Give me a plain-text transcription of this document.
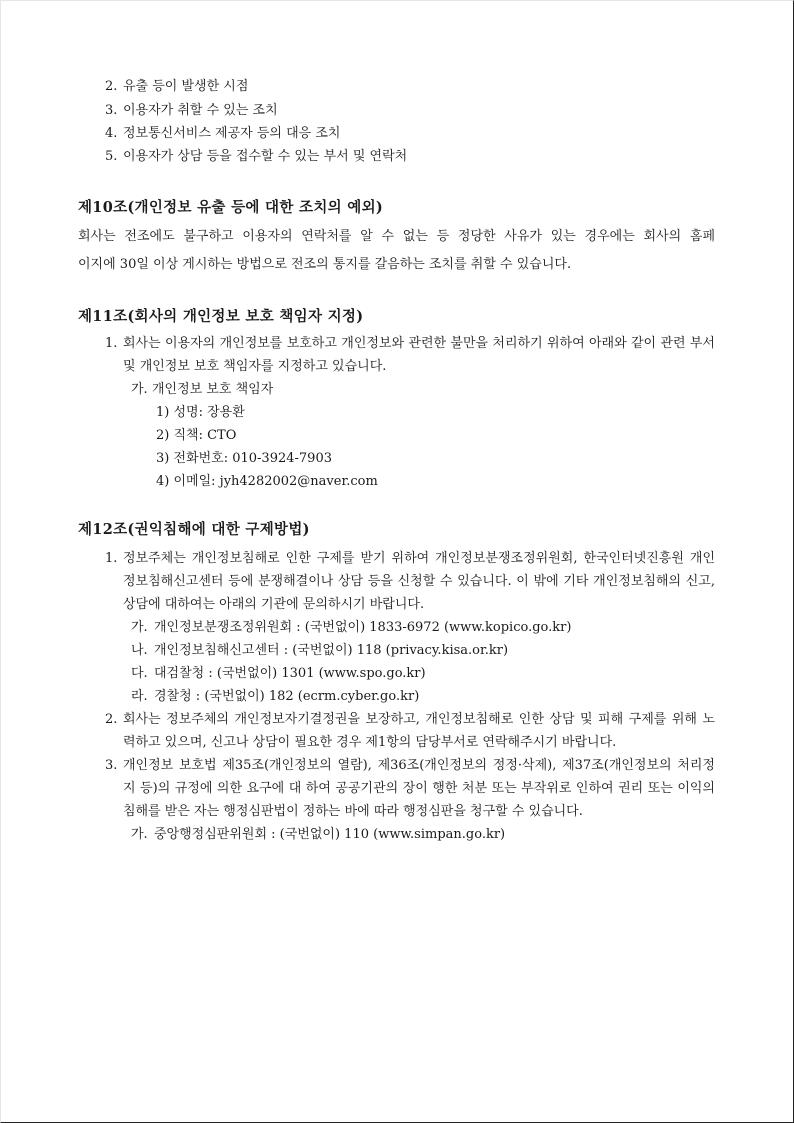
2. 유출 등이 발생한 시점
3. 이용자가 취할 수 있는 조치
4. 정보통신서비스 제공자 등의 대응 조치
5. 이용자가 상담 등을 접수할 수 있는 부서 및 연락처
제10조(개인정보 유출 등에 대한 조치의 예외)
회사는 전조에도 불구하고 이용자의 연락처를 알 수 없는 등 정당한 사유가 있는 경우에는 회사의 홈페
이지에 30일 이상 게시하는 방법으로 전조의 통지를 갈음하는 조치를 취할 수 있습니다.
제11조(회사의 개인정보 보호 책임자 지정)
1. 회사는 이용자의 개인정보를 보호하고 개인정보와 관련한 불만을 처리하기 위하여 아래와 같이 관련 부서
및 개인정보 보호 책임자를 지정하고 있습니다.
가. 개인정보 보호 책임자
1) 성명: 장용환
2) 직책: CTO
3) 전화번호: 010-3924-7903
4) 이메일: jyh4282002@naver.com
제12조(권익침해에 대한 구제방법)
1. 정보주체는 개인정보침해로 인한 구제를 받기 위하여 개인정보분쟁조정위원회, 한국인터넷진흥원 개인
정보침해신고센터 등에 분쟁해결이나 상담 등을 신청할 수 있습니다. 이 밖에 기타 개인정보침해의 신고,
상담에 대하여는 아래의 기관에 문의하시기 바랍니다.
가. 개인정보분쟁조정위원회 : (국번없이) 1833-6972 (www.kopico.go.kr)
나. 개인정보침해신고센터 : (국번없이) 118 (privacy.kisa.or.kr)
다. 대검찰청 : (국번없이) 1301 (www.spo.go.kr)
라. 경찰청 : (국번없이) 182 (ecrm.cyber.go.kr)
2. 회사는 정보주체의 개인정보자기결정권을 보장하고, 개인정보침해로 인한 상담 및 피해 구제를 위해 노
력하고 있으며, 신고나 상담이 필요한 경우 제1항의 담당부서로 연락해주시기 바랍니다.
3. 개인정보 보호법 제35조(개인정보의 열람), 제36조(개인정보의 정정·삭제), 제37조(개인정보의 처리정
지 등)의 규정에 의한 요구에 대 하여 공공기관의 장이 행한 처분 또는 부작위로 인하여 권리 또는 이익의
침해를 받은 자는 행정심판법이 정하는 바에 따라 행정심판을 청구할 수 있습니다.
가. 중앙행정심판위원회 : (국번없이) 110 (www.simpan.go.kr)
